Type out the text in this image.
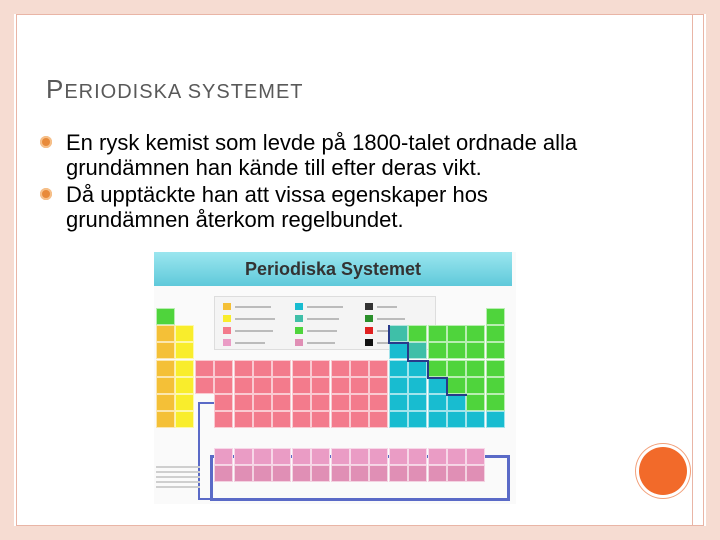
PERIODISKA SYSTEMET
En rysk kemist som levde på 1800-talet ordnade alla grundämnen han kände till efter deras vikt.
Då upptäckte han att vissa egenskaper hos grundämnen återkom regelbundet.
Periodiska Systemet
